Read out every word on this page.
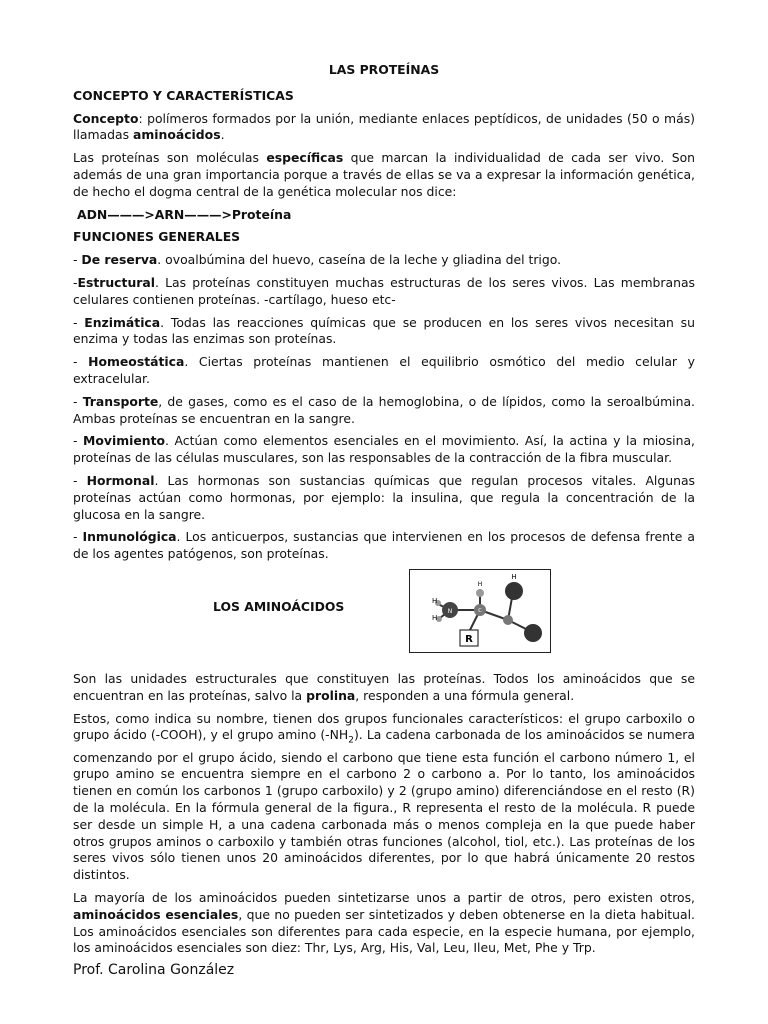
LAS PROTEÍNAS
CONCEPTO Y CARACTERÍSTICAS

Concepto: polímeros formados por la unión, mediante enlaces peptídicos, de unidades (50 o más) llamadas aminoácidos.

Las proteínas son moléculas específicas que marcan la individualidad de cada ser vivo. Son además de una gran importancia porque a través de ellas se va a expresar la información genética, de hecho el dogma central de la genética molecular nos dice:

ADN———>ARN———>Proteína
FUNCIONES GENERALES

- De reserva. ovoalbúmina del huevo, caseína de la leche y gliadina del trigo.

-Estructural. Las proteínas constituyen muchas estructuras de los seres vivos. Las membranas celulares contienen proteínas. -cartílago, hueso etc-

- Enzimática. Todas las reacciones químicas que se producen en los seres vivos necesitan su enzima y todas las enzimas son proteínas.

- Homeostática. Ciertas proteínas mantienen el equilibrio osmótico del medio celular y extracelular.

- Transporte, de gases, como es el caso de la hemoglobina, o de lípidos, como la seroalbúmina. Ambas proteínas se encuentran en la sangre.

- Movimiento. Actúan como elementos esenciales en el movimiento. Así, la actina y la miosina, proteínas de las células musculares, son las responsables de la contracción de la fibra muscular.

- Hormonal. Las hormonas son sustancias químicas que regulan procesos vitales. Algunas proteínas actúan como hormonas, por ejemplo: la insulina, que regula la concentración de la glucosa en la sangre.

- Inmunológica. Los anticuerpos, sustancias que intervienen en los procesos de defensa frente a de los agentes patógenos, son proteínas.

LOS AMINOÁCIDOS
H
H
H
N	C
H
R

Son las unidades estructurales que constituyen las proteínas. Todos los aminoácidos que se encuentran en las proteínas, salvo la prolina, responden a una fórmula general.

Estos, como indica su nombre, tienen dos grupos funcionales característicos: el grupo carboxilo o grupo ácido (-COOH), y el grupo amino $(-NH_2)$. La cadena carbonada de los aminoácidos se numera comenzando por el grupo ácido, siendo el carbono que tiene esta función el carbono número 1, el grupo amino se encuentra siempre en el carbono 2 o carbono a. Por lo tanto, los aminoácidos tienen en común los carbonos 1 (grupo carboxilo) y 2 (grupo amino) diferenciándose en el resto (R) de la molécula. En la fórmula general de la figura., R representa el resto de la molécula. R puede ser desde un simple H, a una cadena carbonada más o menos compleja en la que puede haber otros grupos aminos o carboxilo y también otras funciones (alcohol, tiol, etc.). Las proteínas de los seres vivos sólo tienen unos 20 aminoácidos diferentes, por lo que habrá únicamente 20 restos distintos.

La mayoría de los aminoácidos pueden sintetizarse unos a partir de otros, pero existen otros, aminoácidos esenciales, que no pueden ser sintetizados y deben obtenerse en la dieta habitual. Los aminoácidos esenciales son diferentes para cada especie, en la especie humana, por ejemplo, los aminoácidos esenciales son diez: Thr, Lys, Arg, His, Val, Leu, Ileu, Met, Phe y Trp.

Prof. Carolina González
